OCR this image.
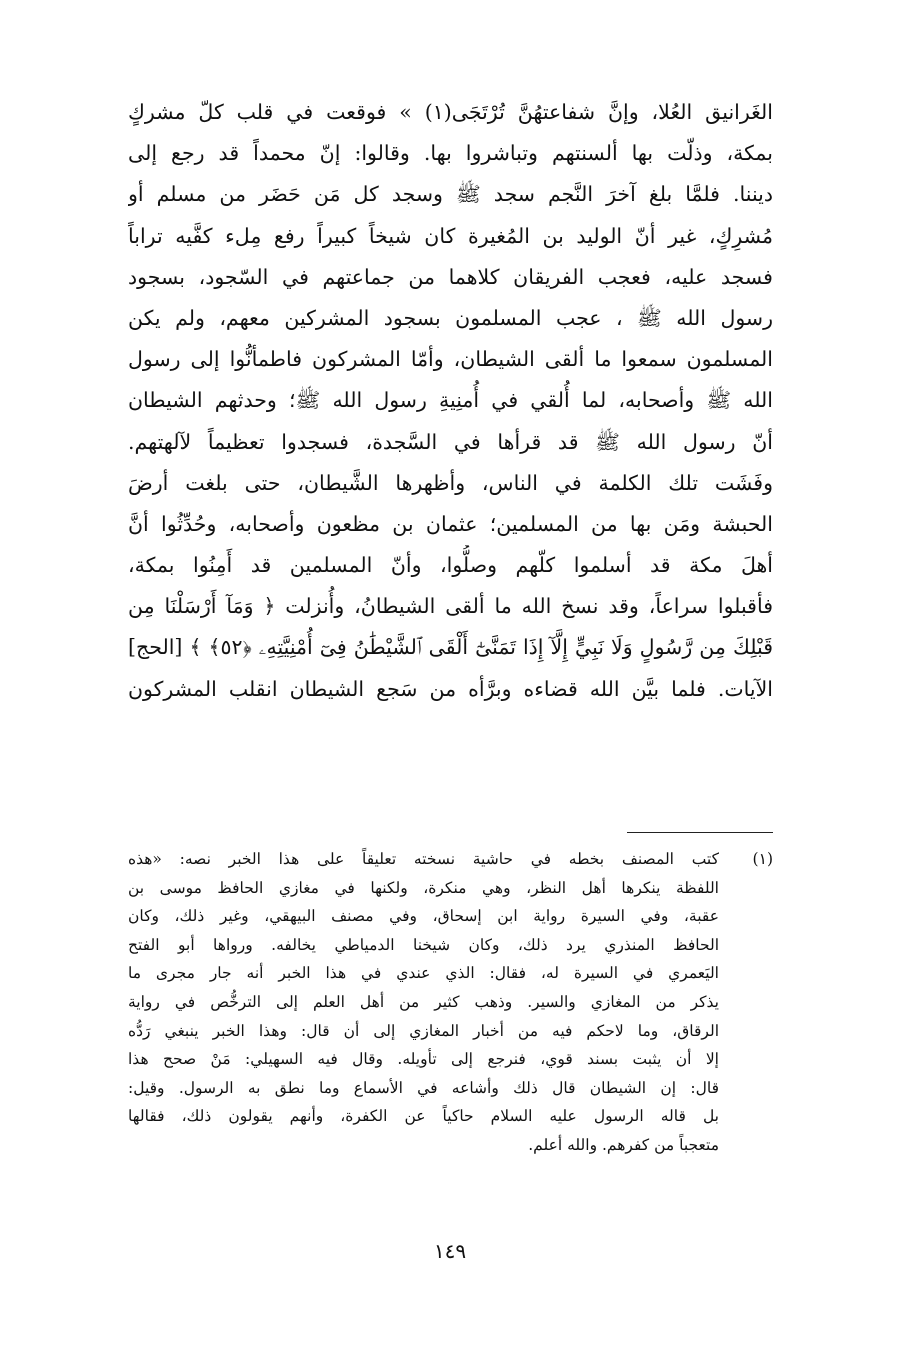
الغَرانيق العُلا، وإنَّ شفاعتهُنَّ تُرْتَجَى(١) » فوقعت في قلب كلّ مشركٍ
بمكة، وذلّت بها ألسنتهم وتباشروا بها. وقالوا: إنّ محمداً قد رجع إلى
ديننا. فلمَّا بلغ آخرَ النَّجم سجد ﷺ وسجد كل مَن حَضَر من مسلم أو
مُشرِكٍ، غير أنّ الوليد بن المُغيرة كان شيخاً كبيراً رفع مِلء كفَّيه تراباً
فسجد عليه، فعجب الفريقان كلاهما من جماعتهم في السّجود، بسجود
رسول الله ﷺ ، عجب المسلمون بسجود المشركين معهم، ولم يكن
المسلمون سمعوا ما ألقى الشيطان، وأمّا المشركون فاطمأنُّوا إلى رسول
الله ﷺ وأصحابه، لما أُلقي في أُمنِيةِ رسول الله ﷺ؛ وحدثهم الشيطان
أنّ رسول الله ﷺ قد قرأها في السَّجدة، فسجدوا تعظيماً لآلهتهم.
وفَشَت تلك الكلمة في الناس، وأظهرها الشَّيطان، حتى بلغت أرضَ
الحبشة ومَن بها من المسلمين؛ عثمان بن مظعون وأصحابه، وحُدِّثُوا أنَّ
أهلَ مكة قد أسلموا كلّهم وصلُّوا، وأنّ المسلمين قد أَمِنُوا بمكة،
فأقبلوا سراعاً، وقد نسخ الله ما ألقى الشيطانُ، وأُنزلت ﴿ وَمَآ أَرْسَلْنَا مِن
قَبْلِكَ مِن رَّسُولٍ وَلَا نَبِيٍّ إِلَّآ إِذَا تَمَنَّىٰٓ أَلْقَى ٱلشَّيْطَٰنُ فِىٓ أُمْنِيَّتِهِۦ ﴿٥٢﴾ ﴾ [الحج]
الآيات. فلما بيَّن الله قضاءه وبرَّأه من سَجع الشيطان انقلب المشركون
(١)
كتب المصنف بخطه في حاشية نسخته تعليقاً على هذا الخبر نصه: «هذه
اللفظة ينكرها أهل النظر، وهي منكرة، ولكنها في مغازي الحافظ موسى بن
عقبة، وفي السيرة رواية ابن إسحاق، وفي مصنف البيهقي، وغير ذلك، وكان
الحافظ المنذري يرد ذلك، وكان شيخنا الدمياطي يخالفه. ورواها أبو الفتح
اليَعمري في السيرة له، فقال: الذي عندي في هذا الخبر أنه جار مجرى ما
يذكر من المغازي والسير. وذهب كثير من أهل العلم إلى الترخُّص في رواية
الرقاق، وما لاحكم فيه من أخبار المغازي إلى أن قال: وهذا الخبر ينبغي رَدُّه
إلا أن يثبت بسند قوي، فنرجع إلى تأويله. وقال فيه السهيلي: مَنْ صحح هذا
قال: إن الشيطان قال ذلك وأشاعه في الأسماع وما نطق به الرسول. وقيل:
بل قاله الرسول عليه السلام حاكياً عن الكفرة، وأنهم يقولون ذلك، فقالها
متعجباً من كفرهم. والله أعلم.
١٤٩
